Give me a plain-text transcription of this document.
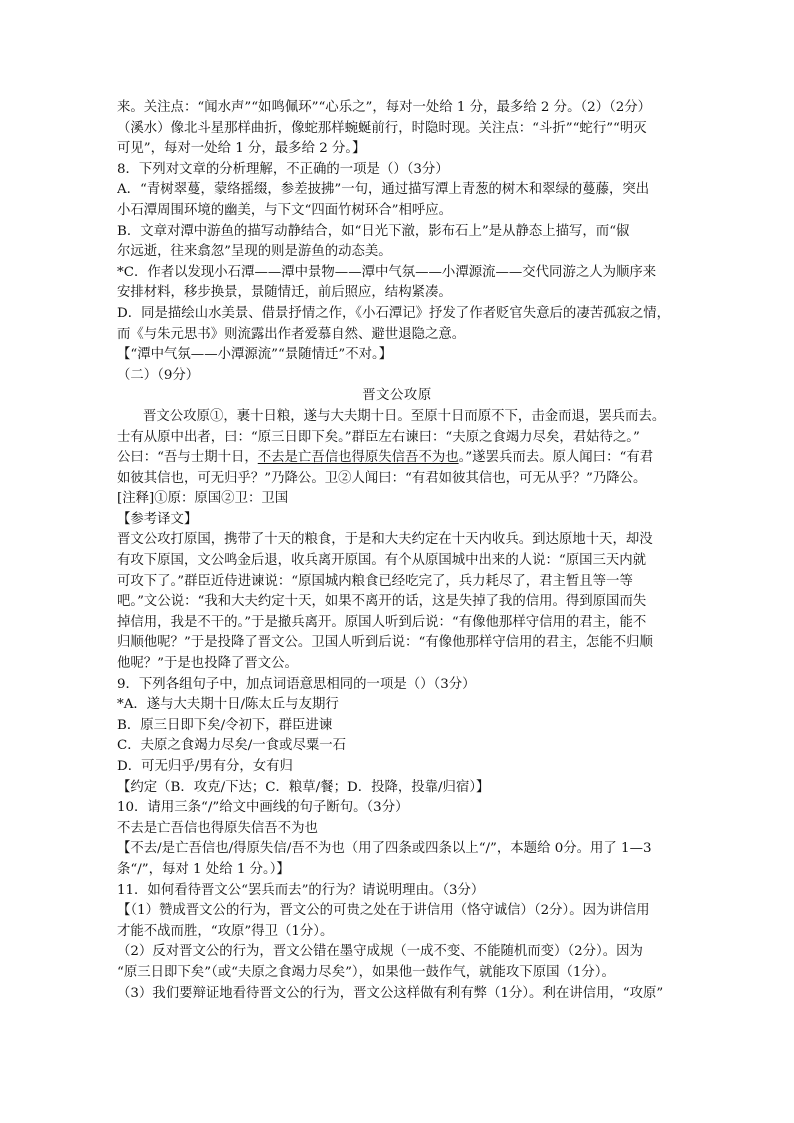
来。关注点：“闻水声”“如鸣佩环”“心乐之”，每对一处给 1 分，最多给 2 分。（2）（2分）
（溪水）像北斗星那样曲折，像蛇那样蜿蜒前行，时隐时现。关注点：“斗折”“蛇行”“明灭
可见”，每对一处给 1 分，最多给 2 分。】
8．下列对文章的分析理解，不正确的一项是（）（3分）
A．“青树翠蔓，蒙络摇缀，参差披拂”一句，通过描写潭上青葱的树木和翠绿的蔓藤，突出
小石潭周围环境的幽美，与下文“四面竹树环合”相呼应。
B．文章对潭中游鱼的描写动静结合，如“日光下澈，影布石上”是从静态上描写，而“俶
尔远逝，往来翕忽”呈现的则是游鱼的动态美。
*C．作者以发现小石潭——潭中景物——潭中气氛——小潭源流——交代同游之人为顺序来
安排材料，移步换景，景随情迁，前后照应，结构紧凑。
D．同是描绘山水美景、借景抒情之作，《小石潭记》抒发了作者贬官失意后的凄苦孤寂之情，
而《与朱元思书》则流露出作者爱慕自然、避世退隐之意。
【“潭中气氛——小潭源流”“景随情迁”不对。】
（二）（9分）
晋文公攻原
晋文公攻原①，裹十日粮，遂与大夫期十日。至原十日而原不下，击金而退，罢兵而去。
士有从原中出者，曰：“原三日即下矣。”群臣左右谏曰：“夫原之食竭力尽矣，君姑待之。”
公曰：“吾与士期十日，不去是亡吾信也得原失信吾不为也。”遂罢兵而去。原人闻曰：“有君
如彼其信也，可无归乎？”乃降公。卫②人闻曰：“有君如彼其信也，可无从乎？”乃降公。
[注释]①原：原国②卫：卫国
【参考译文】
晋文公攻打原国，携带了十天的粮食，于是和大夫约定在十天内收兵。到达原地十天，却没
有攻下原国，文公鸣金后退，收兵离开原国。有个从原国城中出来的人说：“原国三天内就
可攻下了。”群臣近侍进谏说：“原国城内粮食已经吃完了，兵力耗尽了，君主暂且等一等
吧。”文公说：“我和大夫约定十天，如果不离开的话，这是失掉了我的信用。得到原国而失
掉信用，我是不干的。”于是撤兵离开。原国人听到后说：“有像他那样守信用的君主，能不
归顺他呢？”于是投降了晋文公。卫国人听到后说：“有像他那样守信用的君主，怎能不归顺
他呢？”于是也投降了晋文公。
9．下列各组句子中，加点词语意思相同的一项是（）（3分）
*A．遂与大夫期十日/陈太丘与友期行
B．原三日即下矣/令初下，群臣进谏
C．夫原之食竭力尽矣/一食或尽粟一石
D．可无归乎/男有分，女有归
【约定（B．攻克/下达；C．粮草/餐；D．投降，投靠/归宿）】
10．请用三条“/”给文中画线的句子断句。（3分）
不去是亡吾信也得原失信吾不为也
【不去/是亡吾信也/得原失信/吾不为也（用了四条或四条以上“/”，本题给 0分。用了 1—3
条“/”，每对 1 处给 1 分。）】
11．如何看待晋文公“罢兵而去”的行为？请说明理由。（3分）
【（1）赞成晋文公的行为，晋文公的可贵之处在于讲信用（恪守诚信）（2分）。因为讲信用
才能不战而胜，“攻原”得卫（1分）。
（2）反对晋文公的行为，晋文公错在墨守成规（一成不变、不能随机而变）（2分）。因为
“原三日即下矣”（或“夫原之食竭力尽矣”），如果他一鼓作气，就能攻下原国（1分）。
（3）我们要辩证地看待晋文公的行为，晋文公这样做有利有弊（1分）。利在讲信用，“攻原”
